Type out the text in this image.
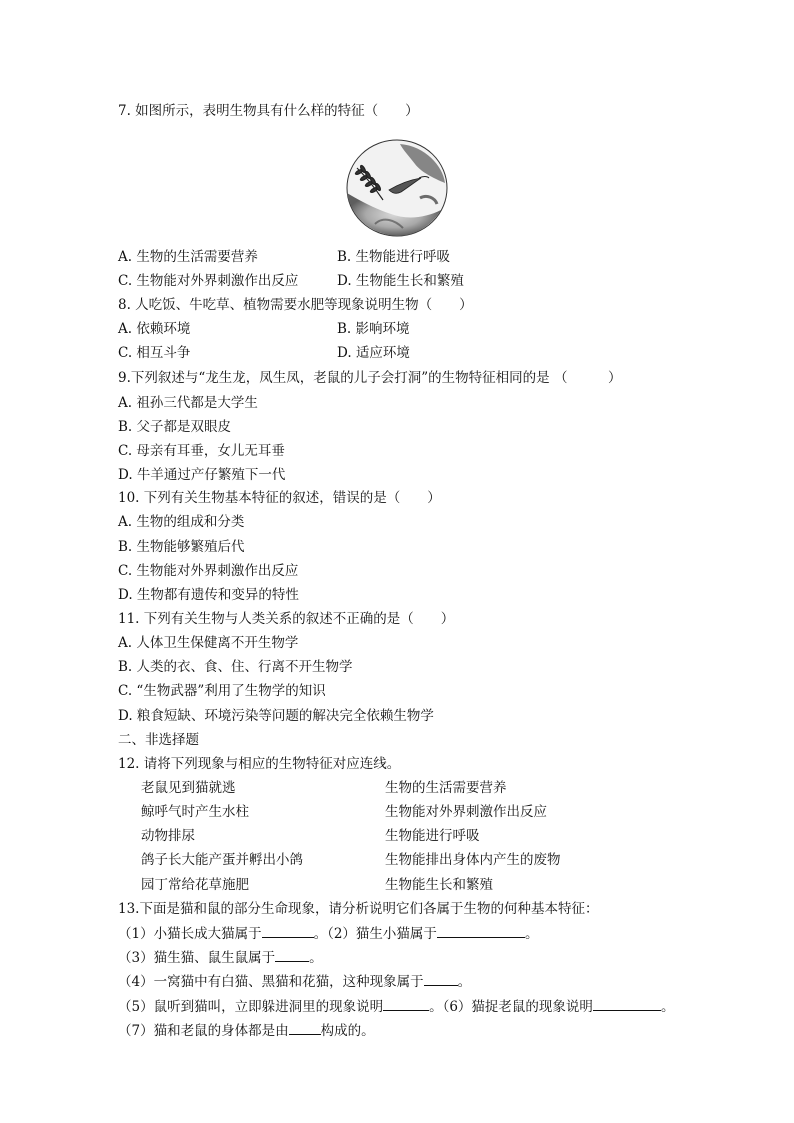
7. 如图所示，表明生物具有什么样的特征（　　）
A. 生物的生活需要营养	B. 生物能进行呼吸
C. 生物能对外界刺激作出反应	D. 生物能生长和繁殖
8. 人吃饭、牛吃草、植物需要水肥等现象说明生物（　　）
A. 依赖环境	B. 影响环境
C. 相互斗争	D. 适应环境
9.下列叙述与“龙生龙，凤生凤，老鼠的儿子会打洞”的生物特征相同的是 （　　　）
A. 祖孙三代都是大学生
B. 父子都是双眼皮
C. 母亲有耳垂，女儿无耳垂
D. 牛羊通过产仔繁殖下一代
10. 下列有关生物基本特征的叙述，错误的是（　　）
A. 生物的组成和分类
B. 生物能够繁殖后代
C. 生物能对外界刺激作出反应
D. 生物都有遗传和变异的特性
11. 下列有关生物与人类关系的叙述不正确的是（　　）
A. 人体卫生保健离不开生物学
B. 人类的衣、食、住、行离不开生物学
C. “生物武器”利用了生物学的知识
D. 粮食短缺、环境污染等问题的解决完全依赖生物学
二、非选择题
12. 请将下列现象与相应的生物特征对应连线。
老鼠见到猫就逃	生物的生活需要营养
鲸呼气时产生水柱	生物能对外界刺激作出反应
动物排尿	生物能进行呼吸
鸽子长大能产蛋并孵出小鸽	生物能排出身体内产生的废物
园丁常给花草施肥	生物能生长和繁殖
13.下面是猫和鼠的部分生命现象，请分析说明它们各属于生物的何种基本特征：
（1）小猫长成大猫属于	。（2）猫生小猫属于	。
（3）猫生猫、鼠生鼠属于	。
（4）一窝猫中有白猫、黑猫和花猫，这种现象属于	。
（5）鼠听到猫叫，立即躲进洞里的现象说明	。（6）猫捉老鼠的现象说明	。
（7）猫和老鼠的身体都是由 构成的。
